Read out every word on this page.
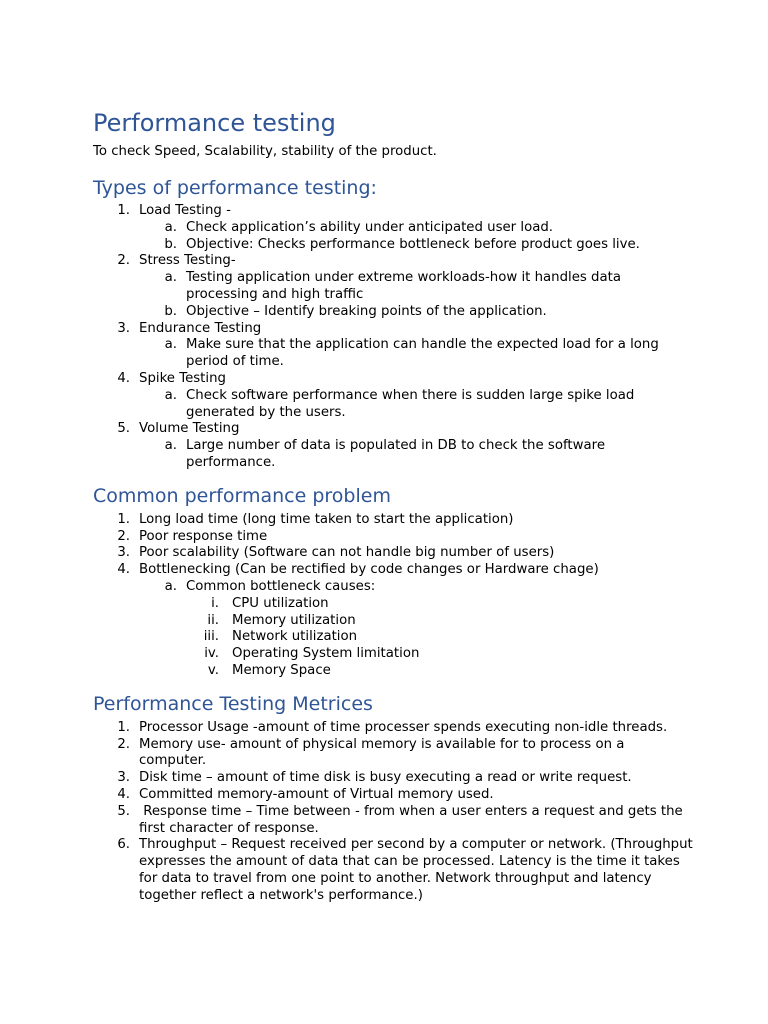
Performance testing

To check Speed, Scalability, stability of the product.

Types of performance testing:
1. Load Testing -
a. Check application’s ability under anticipated user load.
b. Objective: Checks performance bottleneck before product goes live.
2. Stress Testing-
a. Testing application under extreme workloads-how it handles data processing and high traffic
b. Objective – Identify breaking points of the application.
3. Endurance Testing
a. Make sure that the application can handle the expected load for a long period of time.
4. Spike Testing
a. Check software performance when there is sudden large spike load generated by the users.
5. Volume Testing
a. Large number of data is populated in DB to check the software performance.
Common performance problem
1. Long load time (long time taken to start the application)
2. Poor response time
3. Poor scalability (Software can not handle big number of users)
4. Bottlenecking (Can be rectified by code changes or Hardware chage)
a. Common bottleneck causes:
i. CPU utilization
ii. Memory utilization
iii. Network utilization
iv. Operating System limitation
v. Memory Space
Performance Testing Metrices
1. Processor Usage -amount of time processer spends executing non-idle threads.
2. Memory use- amount of physical memory is available for to process on a computer.
3. Disk time – amount of time disk is busy executing a read or write request.
4. Committed memory-amount of Virtual memory used.
5. Response time – Time between - from when a user enters a request and gets the first character of response.
6. Throughput – Request received per second by a computer or network. (Throughput expresses the amount of data that can be processed. Latency is the time it takes for data to travel from one point to another. Network throughput and latency together reflect a network's performance.)
